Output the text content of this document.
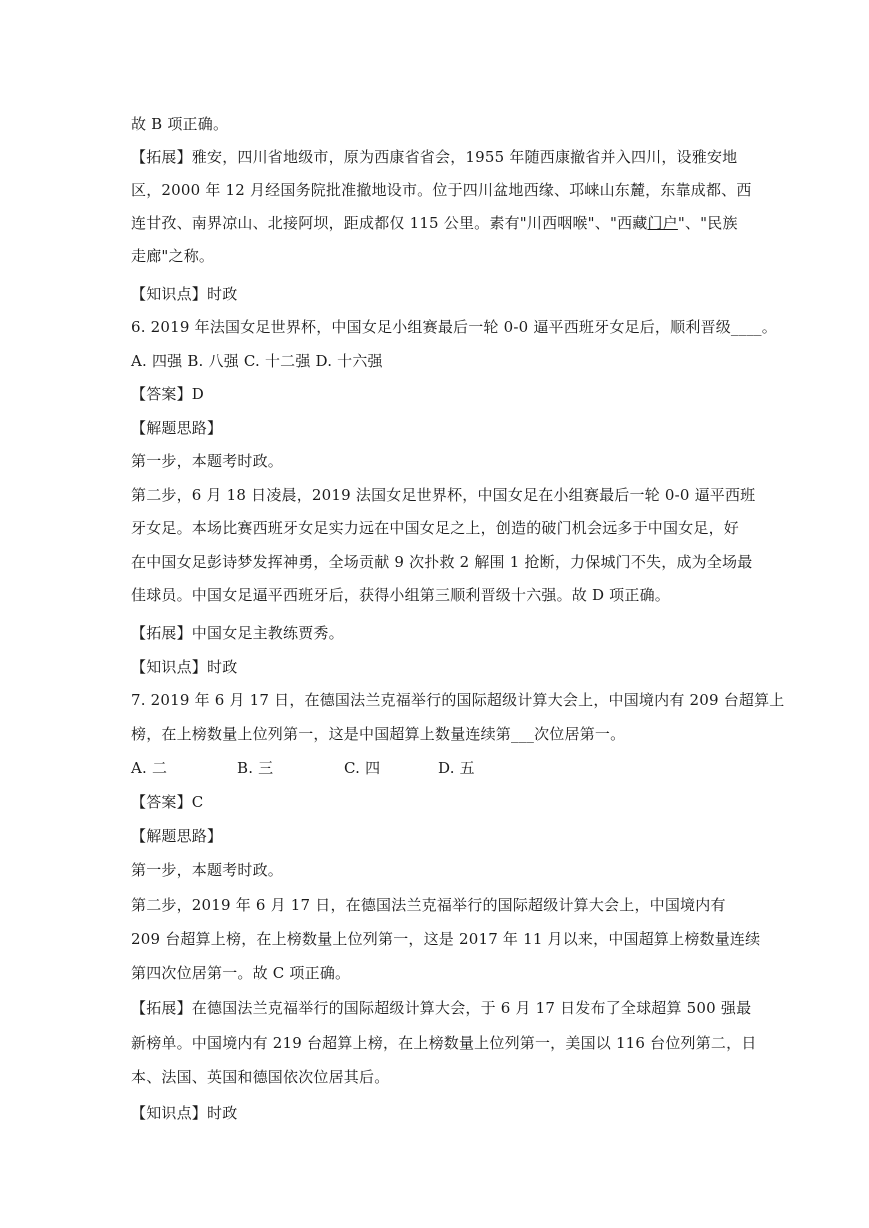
故 B 项正确。
【拓展】雅安，四川省地级市，原为西康省省会，1955 年随西康撤省并入四川，设雅安地
区，2000 年 12 月经国务院批准撤地设市。位于四川盆地西缘、邛崃山东麓，东靠成都、西
连甘孜、南界凉山、北接阿坝，距成都仅 115 公里。素有"川西咽喉"、"西藏门户"、"民族
走廊"之称。
【知识点】时政
6. 2019 年法国女足世界杯，中国女足小组赛最后一轮 0-0 逼平西班牙女足后，顺利晋级____。
A. 四强 B. 八强 C. 十二强 D. 十六强
【答案】D
【解题思路】
第一步，本题考时政。
第二步，6 月 18 日凌晨，2019 法国女足世界杯，中国女足在小组赛最后一轮 0-0 逼平西班
牙女足。本场比赛西班牙女足实力远在中国女足之上，创造的破门机会远多于中国女足，好
在中国女足彭诗梦发挥神勇，全场贡献 9 次扑救 2 解围 1 抢断，力保城门不失，成为全场最
佳球员。中国女足逼平西班牙后，获得小组第三顺利晋级十六强。故 D 项正确。
【拓展】中国女足主教练贾秀。
【知识点】时政
7. 2019 年 6 月 17 日，在德国法兰克福举行的国际超级计算大会上，中国境内有 209 台超算上
榜，在上榜数量上位列第一，这是中国超算上数量连续第___次位居第一。
A. 二	B. 三	C. 四	D. 五
【答案】C
【解题思路】
第一步，本题考时政。
第二步，2019 年 6 月 17 日，在德国法兰克福举行的国际超级计算大会上，中国境内有
209 台超算上榜，在上榜数量上位列第一，这是 2017 年 11 月以来，中国超算上榜数量连续
第四次位居第一。故 C 项正确。
【拓展】在德国法兰克福举行的国际超级计算大会，于 6 月 17 日发布了全球超算 500 强最
新榜单。中国境内有 219 台超算上榜，在上榜数量上位列第一，美国以 116 台位列第二，日
本、法国、英国和德国依次位居其后。
【知识点】时政
